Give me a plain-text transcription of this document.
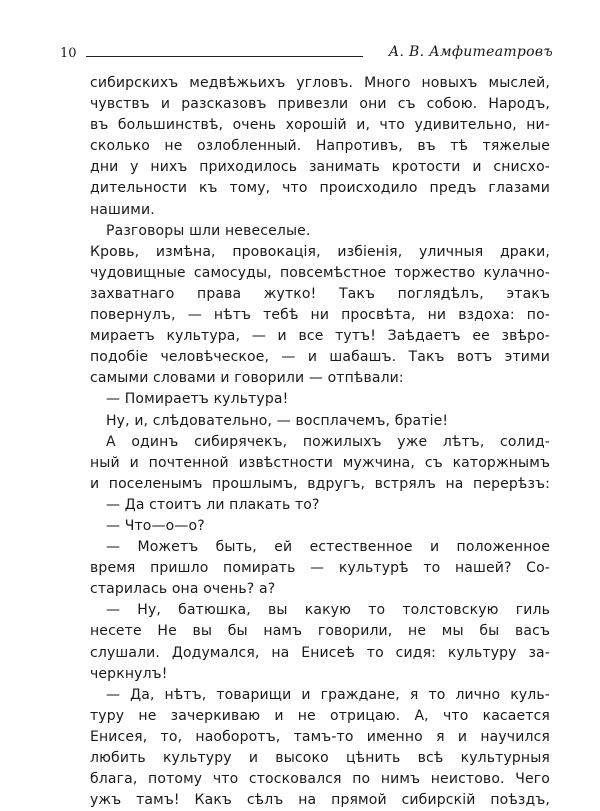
10	А. В. Амфитеатровъ
сибирскихъ медвѣжьихъ угловъ. Много новыхъ мыслей,
чувствъ и разсказовъ привезли они съ собою. Народъ,
въ большинствѣ, очень хорошій и, что удивительно, ни-
сколько не озлобленный. Напротивъ, въ тѣ тяжелые
дни у нихъ приходилось занимать кротости и снисхо-
дительности къ тому, что происходило предъ глазами
нашими.
Разговоры шли невеселые.
Кровь, измѣна, провокація, избіенія, уличныя драки,
чудовищные самосуды, повсемѣстное торжество кулачно-
захватнаго права жутко! Такъ поглядѣлъ, этакъ
повернулъ, — нѣтъ тебѣ ни просвѣта, ни вздоха: по-
мираетъ культура, — и все тутъ! Заѣдаетъ ее звѣро-
подобіе человѣческое, — и шабашъ. Такъ вотъ этими
самыми словами и говорили — отпѣвали:
— Помираетъ культура!
Ну, и, слѣдовательно, — восплачемъ, братіе!
А одинъ сибирячекъ, пожилыхъ уже лѣтъ, солид-
ный и почтенной извѣстности мужчина, съ каторжнымъ
и поселенымъ прошлымъ, вдругъ, встрялъ на перерѣзъ:
— Да стоитъ ли плакать то?
— Что—о—о?
— Можетъ быть, ей естественное и положенное
время пришло помирать — культурѣ то нашей? Со-
старилась она очень? а?
— Ну, батюшка, вы какую то толстовскую гиль
несете Не вы бы намъ говорили, не мы бы васъ
слушали. Додумался, на Енисеѣ то сидя: культуру за-
черкнулъ!
— Да, нѣтъ, товарищи и граждане, я то лично куль-
туру не зачеркиваю и не отрицаю. А, что касается
Енисея, то, наоборотъ, тамъ-то именно я и научился
любить культуру и высоко цѣнить всѣ культурныя
блага, потому что стосковался по нимъ неистово. Чего
ужъ тамъ! Какъ сѣлъ на прямой сибирскій поѣздъ,
